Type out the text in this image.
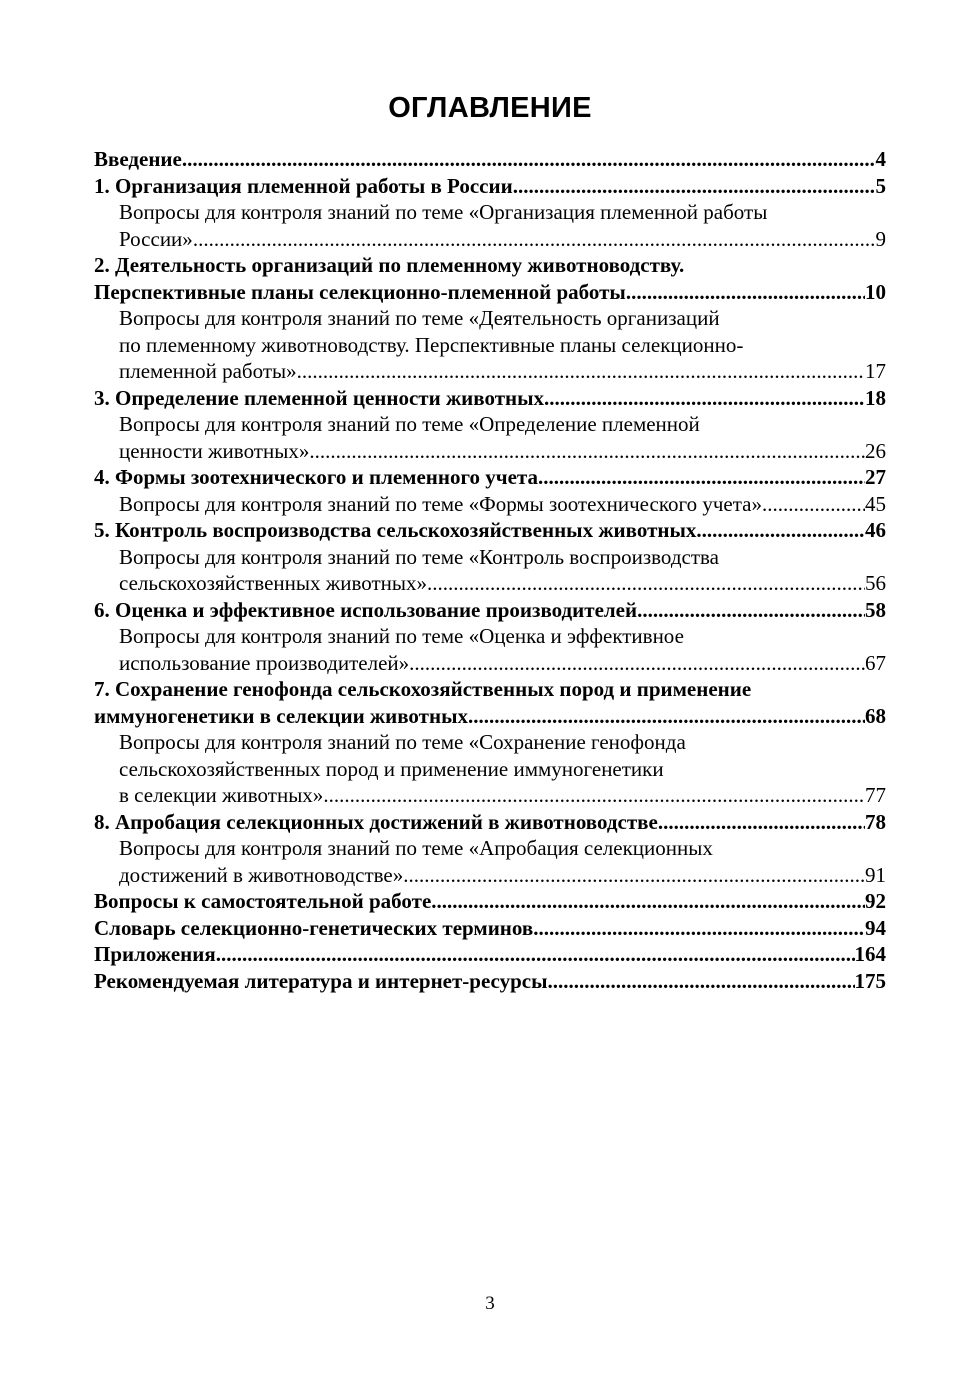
ОГЛАВЛЕНИЕ
Введение .....	4
1. Организация племенной работы в России .....	5
Вопросы для контроля знаний по теме «Организация племенной работы
России» .....	9
2. Деятельность организаций по племенному животноводству.
Перспективные планы селекционно-племенной работы .....	10
Вопросы для контроля знаний по теме «Деятельность организаций
по племенному животноводству. Перспективные планы селекционно-
племенной работы» .....	17
3. Определение племенной ценности животных .....	18
Вопросы для контроля знаний по теме «Определение племенной
ценности животных» .....	26
4. Формы зоотехнического и племенного учета .....	27
Вопросы для контроля знаний по теме «Формы зоотехнического учета» .....	45
5. Контроль воспроизводства сельскохозяйственных животных .....	46
Вопросы для контроля знаний по теме «Контроль воспроизводства
сельскохозяйственных животных» .....	56
6. Оценка и эффективное использование производителей .....	58
Вопросы для контроля знаний по теме «Оценка и эффективное
использование производителей» .....	67
7. Сохранение генофонда сельскохозяйственных пород и применение
иммуногенетики в селекции животных .....	68
Вопросы для контроля знаний по теме «Сохранение генофонда
сельскохозяйственных пород и применение иммуногенетики
в селекции животных» .....	77
8. Апробация селекционных достижений в животноводстве .....	78
Вопросы для контроля знаний по теме «Апробация селекционных
достижений в животноводстве» .....	91
Вопросы к самостоятельной работе .....	92
Словарь селекционно-генетических терминов .....	94
Приложения .....	164
Рекомендуемая литература и интернет-ресурсы .....	175
3
